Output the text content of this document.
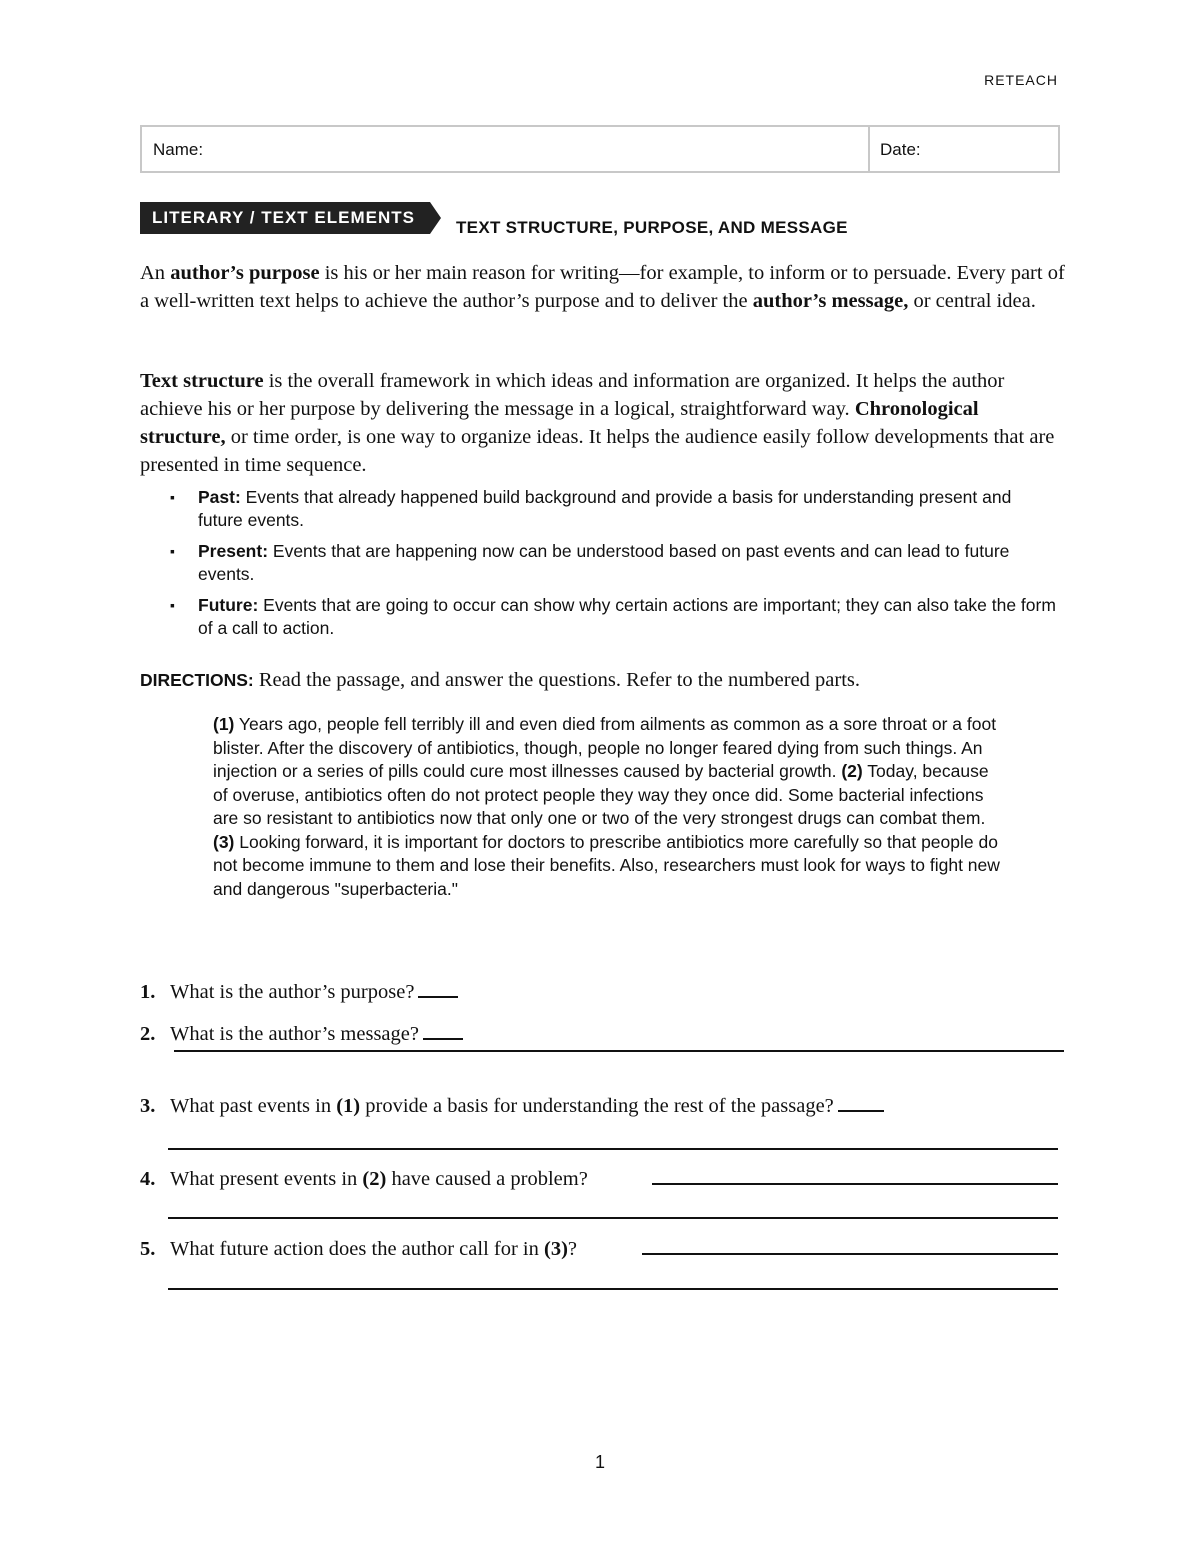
RETEACH
Name:	Date:
LITERARY / TEXT ELEMENTS
TEXT STRUCTURE, PURPOSE, AND MESSAGE
An author’s purpose is his or her main reason for writing—for example, to inform or to persuade. Every part of a well-written text helps to achieve the author’s purpose and to deliver the author’s message, or central idea.
Text structure is the overall framework in which ideas and information are organized. It helps the author achieve his or her purpose by delivering the message in a logical, straightforward way. Chronological structure, or time order, is one way to organize ideas. It helps the audience easily follow developments that are presented in time sequence.
▪ Past: Events that already happened build background and provide a basis for understanding present and future events.
▪ Present: Events that are happening now can be understood based on past events and can lead to future events.
▪ Future: Events that are going to occur can show why certain actions are important; they can also take the form of a call to action.
DIRECTIONS: Read the passage, and answer the questions. Refer to the numbered parts.
(1) Years ago, people fell terribly ill and even died from ailments as common as a sore throat or a foot blister. After the discovery of antibiotics, though, people no longer feared dying from such things. An injection or a series of pills could cure most illnesses caused by bacterial growth. (2) Today, because of overuse, antibiotics often do not protect people they way they once did. Some bacterial infections are so resistant to antibiotics now that only one or two of the very strongest drugs can combat them. (3) Looking forward, it is important for doctors to prescribe antibiotics more carefully so that people do not become immune to them and lose their benefits. Also, researchers must look for ways to fight new and dangerous "superbacteria."
1. What is the author’s purpose?
2. What is the author’s message?
3. What past events in (1) provide a basis for understanding the rest of the passage?
4. What present events in (2) have caused a problem?
5. What future action does the author call for in (3)?
1
